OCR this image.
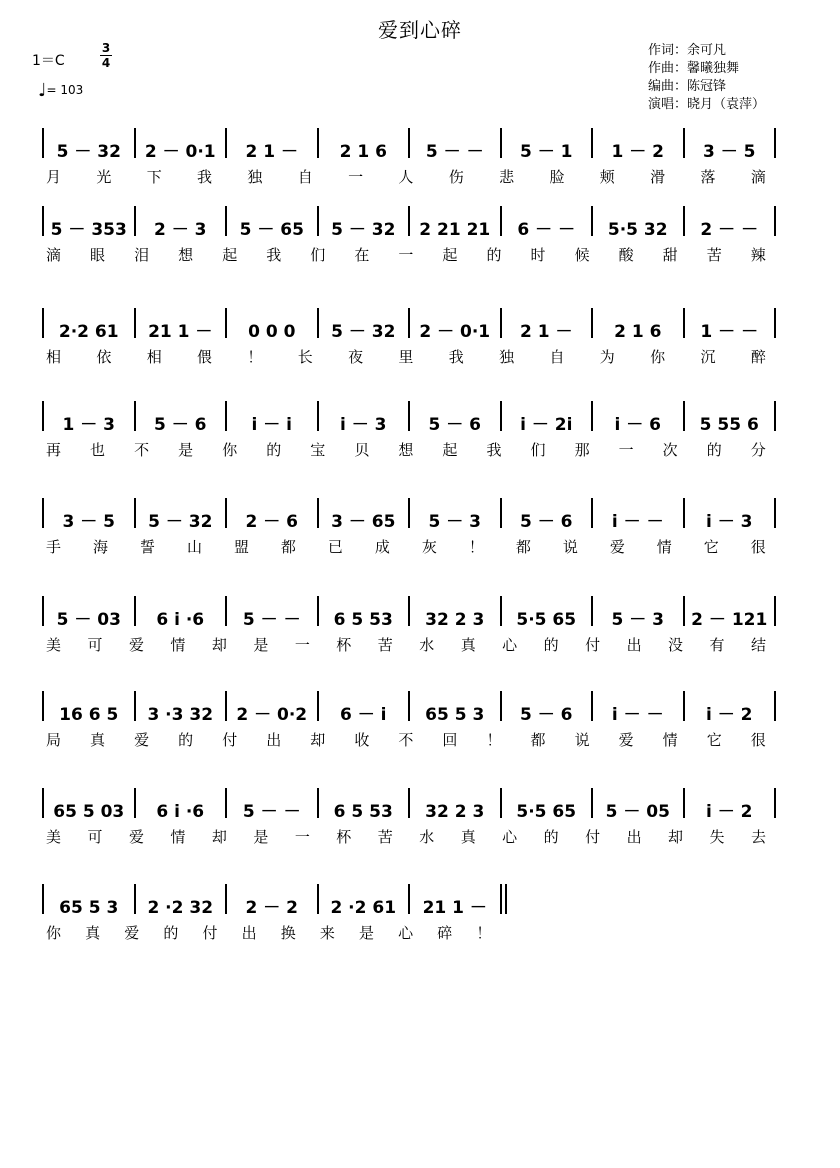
爱到心碎
1＝C
3
4
♩= 103
作词：余可凡
作曲：馨曦独舞
编曲：陈冠锋
演唱：晓月（袁萍）
5 － 32	2 － 0·1	2 1 －	2 1 6	5 － －	5 － 1	1 － 2	3 － 5
月 光 下 我 独 自 一 人 伤 悲 脸 颊 滑 落 滴
5 － 353	2 － 3	5 － 65	5 － 32	2 21 21	6 － －	5·5 32	2 － －
滴 眼 泪 想 起 我 们 在 一 起 的 时 候 酸 甜 苦 辣
2·2 61	21 1 －	0 0 0	5 － 32	2 － 0·1	2 1 －	2 1 6	1 － －
相 依 相 偎 ！ 长 夜 里 我 独 自 为 你 沉 醉
1 － 3	5 － 6	i － i	i － 3	5 － 6	i － 2i	i － 6	5 55 6
再 也 不 是 你 的 宝 贝 想 起 我 们 那 一 次 的 分
3 － 5	5 － 32	2 － 6	3 － 65	5 － 3	5 － 6	i － －	i － 3
手 海 誓 山 盟 都 已 成 灰 ！ 都 说 爱 情 它 很
5 － 03	6 i ·6	5 － －	6 5 53	32 2 3	5·5 65	5 － 3	2 － 121
美 可 爱 情 却 是 一 杯 苦 水 真 心 的 付 出 没 有 结
16 6 5	3 ·3 32	2 － 0·2	6 － i	65 5 3	5 － 6	i － －	i － 2
局 真 爱 的 付 出 却 收 不 回 ！ 都 说 爱 情 它 很
65 5 03	6 i ·6	5 － －	6 5 53	32 2 3	5·5 65	5 － 05	i － 2
美 可 爱 情 却 是 一 杯 苦 水 真 心 的 付 出 却 失 去
65 5 3	2 ·2 32	2 － 2	2 ·2 61	21 1 －
你 真 爱 的 付 出 换 来 是 心 碎 ！
